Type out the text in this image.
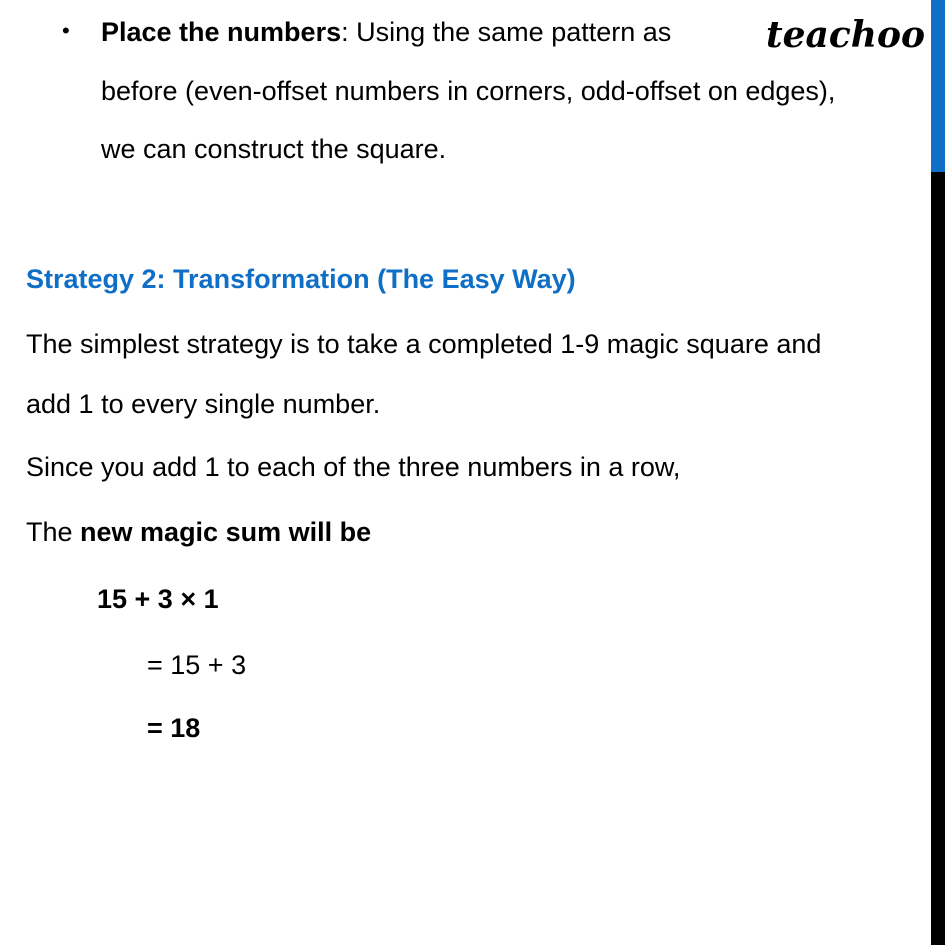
teachoo
• Place the numbers: Using the same pattern as
before (even-offset numbers in corners, odd-offset on edges),
we can construct the square.
Strategy 2: Transformation (The Easy Way)
The simplest strategy is to take a completed 1-9 magic square and
add 1 to every single number.
Since you add 1 to each of the three numbers in a row,
The new magic sum will be
15 + 3 × 1
= 15 + 3
= 18
